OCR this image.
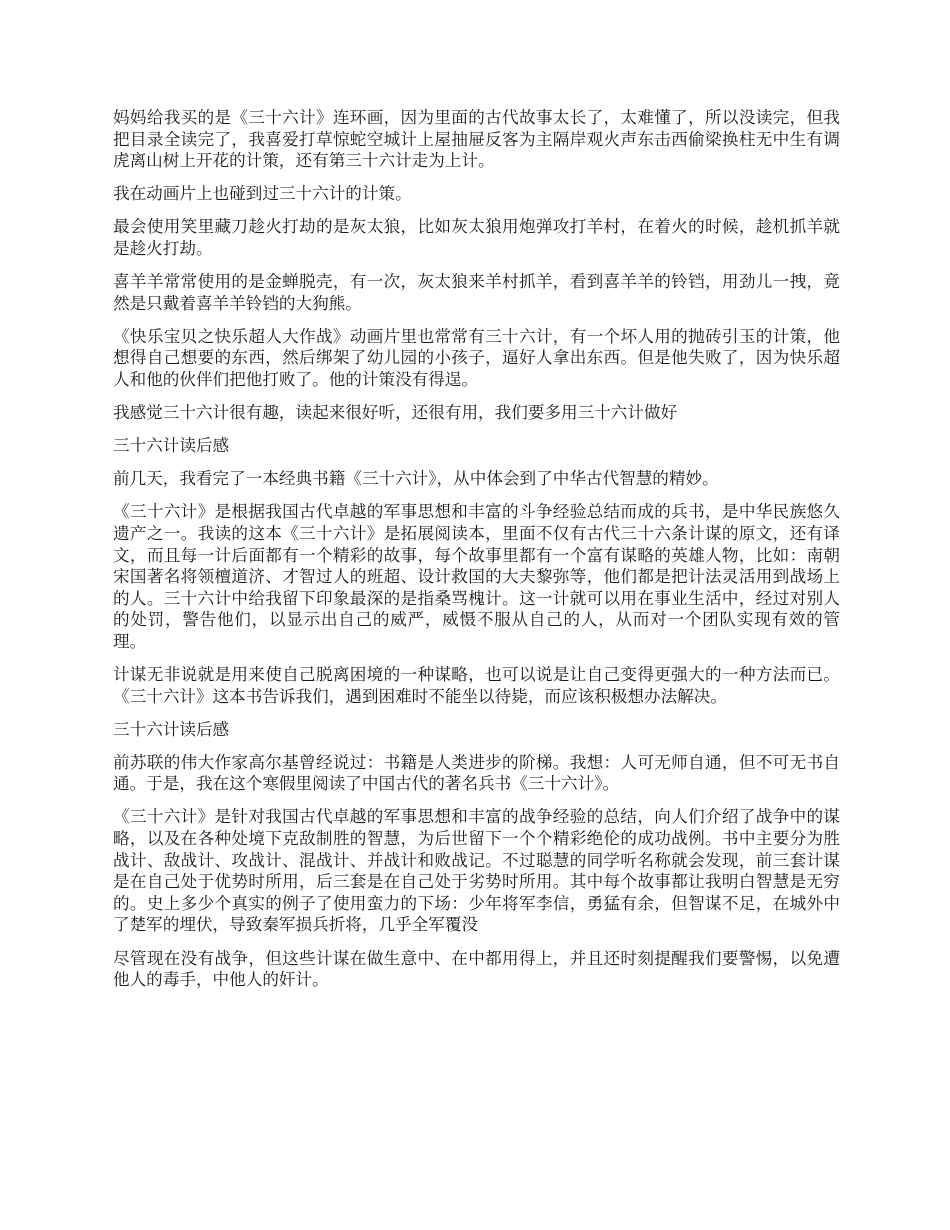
妈妈给我买的是《三十六计》连环画，因为里面的古代故事太长了，太难懂了，所以没读完，但我把目录全读完了，我喜爱打草惊蛇空城计上屋抽屉反客为主隔岸观火声东击西偷梁换柱无中生有调虎离山树上开花的计策，还有第三十六计走为上计。

我在动画片上也碰到过三十六计的计策。

最会使用笑里藏刀趁火打劫的是灰太狼，比如灰太狼用炮弹攻打羊村，在着火的时候，趁机抓羊就是趁火打劫。

喜羊羊常常使用的是金蝉脱壳，有一次，灰太狼来羊村抓羊，看到喜羊羊的铃铛，用劲儿一拽，竟然是只戴着喜羊羊铃铛的大狗熊。

《快乐宝贝之快乐超人大作战》动画片里也常常有三十六计，有一个坏人用的抛砖引玉的计策，他想得自己想要的东西，然后绑架了幼儿园的小孩子，逼好人拿出东西。但是他失败了，因为快乐超人和他的伙伴们把他打败了。他的计策没有得逞。

我感觉三十六计很有趣，读起来很好听，还很有用，我们要多用三十六计做好

三十六计读后感

前几天，我看完了一本经典书籍《三十六计》，从中体会到了中华古代智慧的精妙。

《三十六计》是根据我国古代卓越的军事思想和丰富的斗争经验总结而成的兵书，是中华民族悠久遗产之一。我读的这本《三十六计》是拓展阅读本，里面不仅有古代三十六条计谋的原文，还有译文，而且每一计后面都有一个精彩的故事，每个故事里都有一个富有谋略的英雄人物，比如：南朝宋国著名将领檀道济、才智过人的班超、设计救国的大夫黎弥等，他们都是把计法灵活用到战场上的人。三十六计中给我留下印象最深的是指桑骂槐计。这一计就可以用在事业生活中，经过对别人的处罚，警告他们，以显示出自己的威严，威慑不服从自己的人，从而对一个团队实现有效的管理。

计谋无非说就是用来使自己脱离困境的一种谋略，也可以说是让自己变得更强大的一种方法而已。《三十六计》这本书告诉我们，遇到困难时不能坐以待毙，而应该积极想办法解决。

三十六计读后感

前苏联的伟大作家高尔基曾经说过：书籍是人类进步的阶梯。我想：人可无师自通，但不可无书自通。于是，我在这个寒假里阅读了中国古代的著名兵书《三十六计》。

《三十六计》是针对我国古代卓越的军事思想和丰富的战争经验的总结，向人们介绍了战争中的谋略，以及在各种处境下克敌制胜的智慧，为后世留下一个个精彩绝伦的成功战例。书中主要分为胜战计、敌战计、攻战计、混战计、并战计和败战记。不过聪慧的同学听名称就会发现，前三套计谋是在自己处于优势时所用，后三套是在自己处于劣势时所用。其中每个故事都让我明白智慧是无穷的。史上多少个真实的例子了使用蛮力的下场：少年将军李信，勇猛有余，但智谋不足，在城外中了楚军的埋伏，导致秦军损兵折将，几乎全军覆没

尽管现在没有战争，但这些计谋在做生意中、在中都用得上，并且还时刻提醒我们要警惕，以免遭他人的毒手，中他人的奸计。
